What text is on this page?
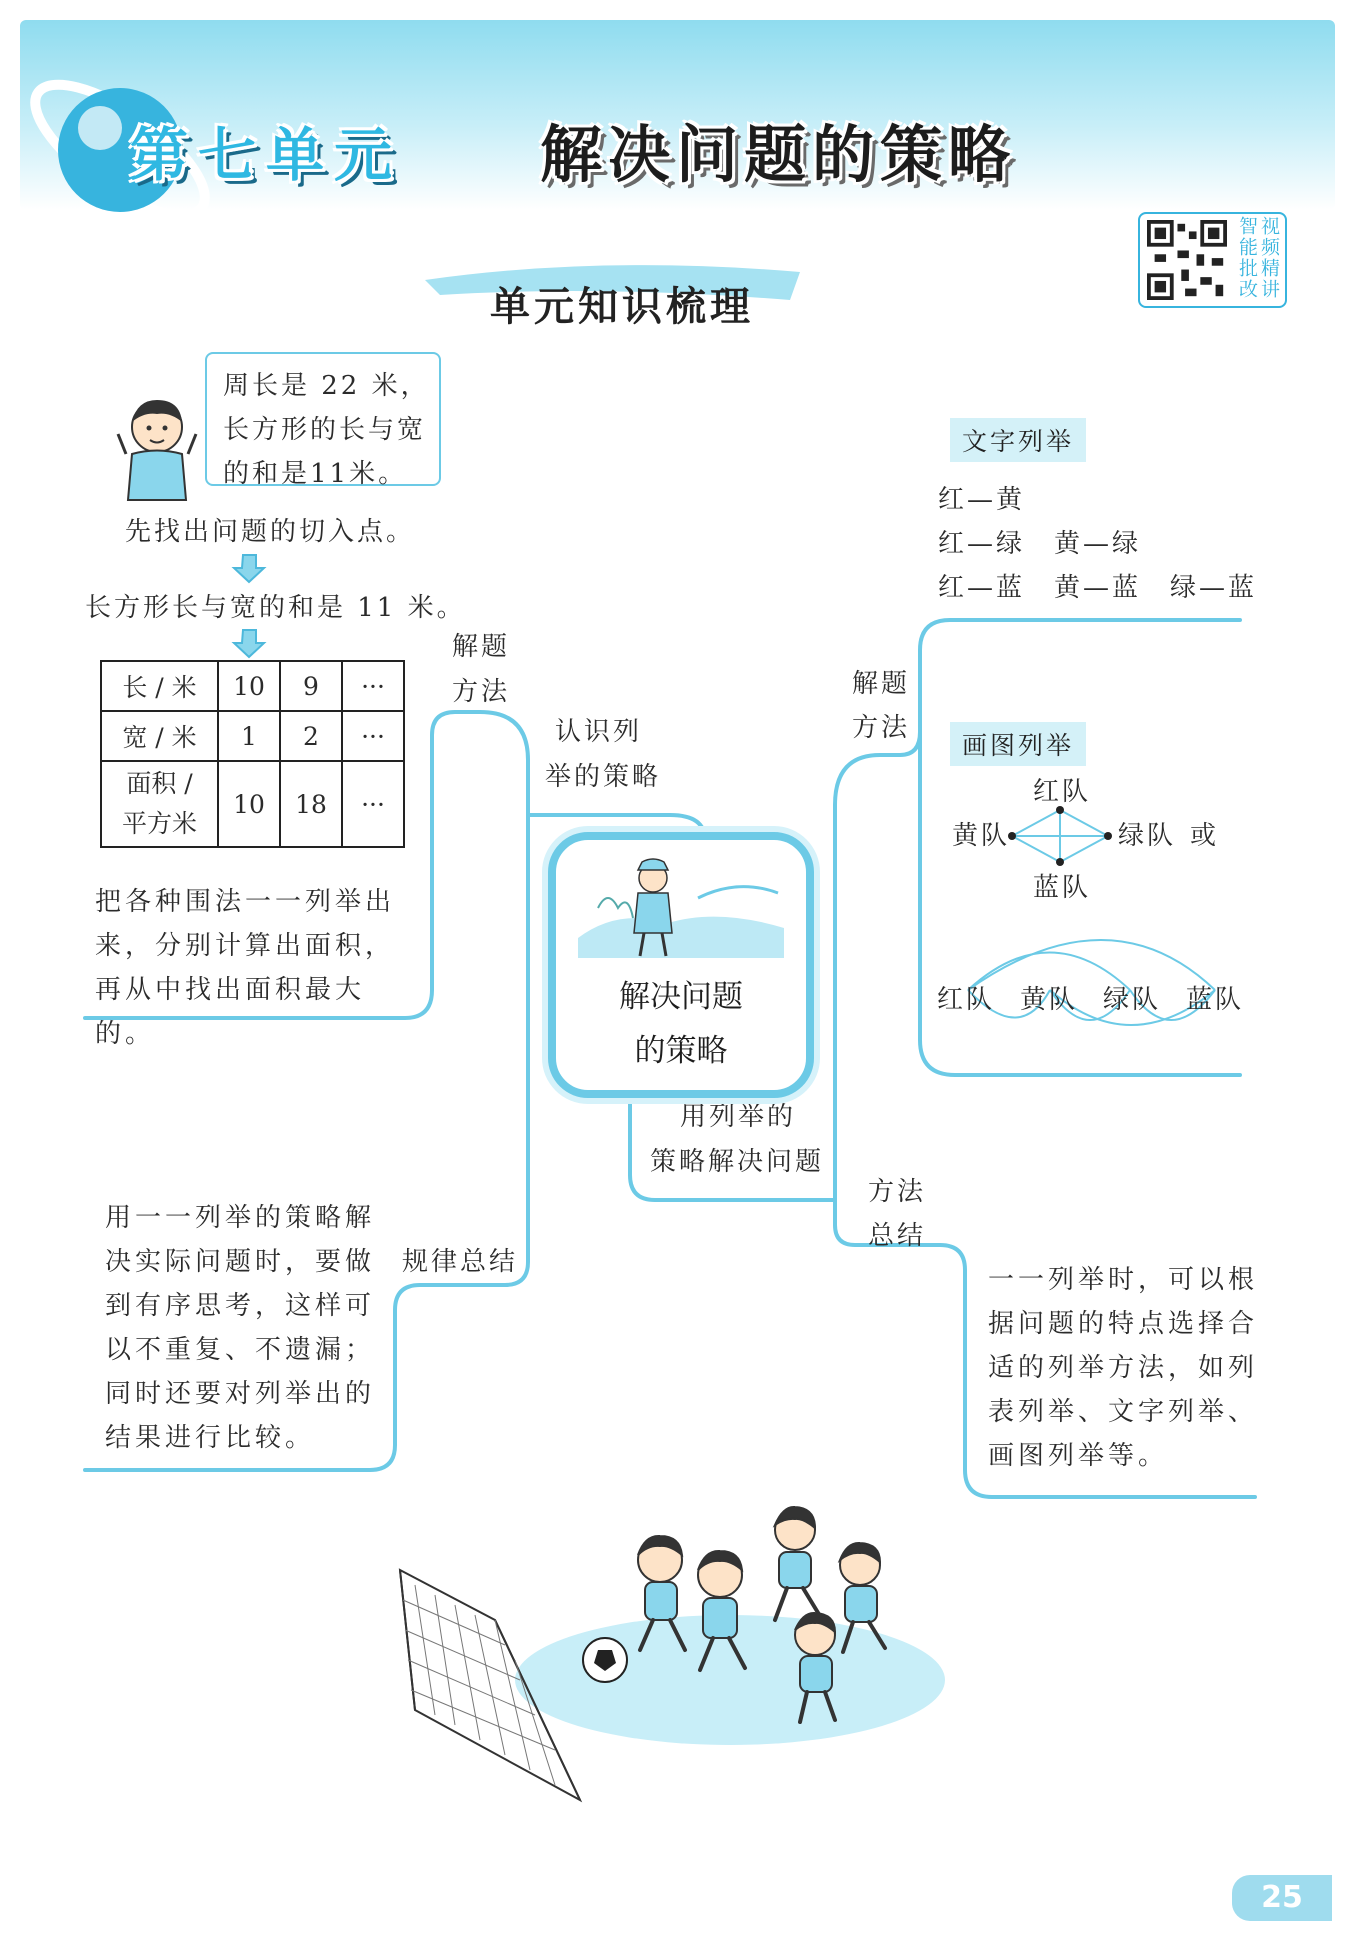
第七单元 解决问题的策略
视频精讲 智能批改
单元知识梳理
周长是 22 米，长方形的长与宽的和是11米。
先找出问题的切入点。
长方形长与宽的和是 11 米。
长 / 米	10	9	···
宽 / 米	1	2	···
面积 / 平方米	10	18	···
把各种围法一一列举出来，分别计算出面积，再从中找出面积最大的。
解题
方法
认识列
举的策略
用列举的
策略解决问题
解题
方法
方法
总结
规律总结
解决问题
的策略
文字列举
红—黄
红—绿　黄—绿
红—蓝　黄—蓝　绿—蓝
画图列举
红队
黄队	绿队 或
蓝队
红队 黄队 绿队 蓝队
用一一列举的策略解决实际问题时，要做到有序思考，这样可以不重复、不遗漏；同时还要对列举出的结果进行比较。
一一列举时，可以根据问题的特点选择合适的列举方法，如列表列举、文字列举、画图列举等。
25
